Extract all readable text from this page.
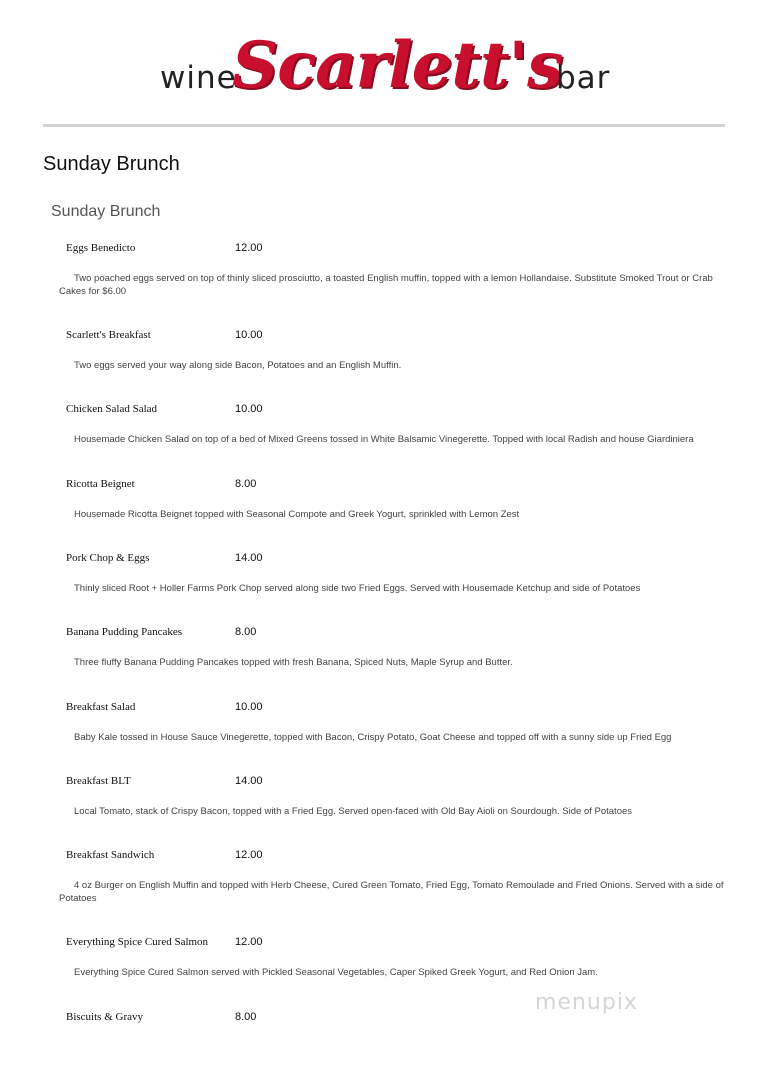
wine
Scarlett's
bar
Sunday Brunch
Sunday Brunch
Eggs Benedicto	12.00
Two poached eggs served on top of thinly sliced prosciutto, a toasted English muffin, topped with a lemon Hollandaise. Substitute Smoked Trout or Crab Cakes for $6.00
Scarlett's Breakfast	10.00
Two eggs served your way along side Bacon, Potatoes and an English Muffin.
Chicken Salad Salad	10.00
Housemade Chicken Salad on top of a bed of Mixed Greens tossed in White Balsamic Vinegerette. Topped with local Radish and house Giardiniera
Ricotta Beignet	8.00
Housemade Ricotta Beignet topped with Seasonal Compote and Greek Yogurt, sprinkled with Lemon Zest
Pork Chop & Eggs	14.00
Thinly sliced Root + Holler Farms Pork Chop served along side two Fried Eggs. Served with Housemade Ketchup and side of Potatoes
Banana Pudding Pancakes	8.00
Three fluffy Banana Pudding Pancakes topped with fresh Banana, Spiced Nuts, Maple Syrup and Butter.
Breakfast Salad	10.00
Baby Kale tossed in House Sauce Vinegerette, topped with Bacon, Crispy Potato, Goat Cheese and topped off with a sunny side up Fried Egg
Breakfast BLT	14.00
Local Tomato, stack of Crispy Bacon, topped with a Fried Egg. Served open-faced with Old Bay Aioli on Sourdough. Side of Potatoes
Breakfast Sandwich	12.00
4 oz Burger on English Muffin and topped with Herb Cheese, Cured Green Tomato, Fried Egg, Tomato Remoulade and Fried Onions. Served with a side of Potatoes
Everything Spice Cured Salmon 12.00
Everything Spice Cured Salmon served with Pickled Seasonal Vegetables, Caper Spiked Greek Yogurt, and Red Onion Jam.
Biscuits & Gravy	8.00
menupix
